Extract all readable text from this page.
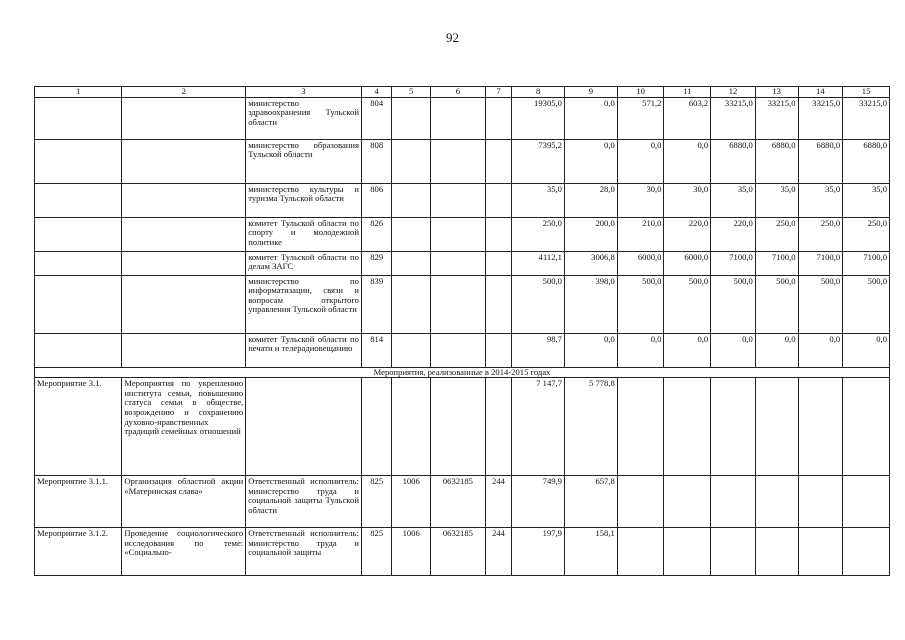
92
1	2	3	4	5	6	7	8	9	10	11	12	13	14	15
		министерство здравоохранения Тульской области	804				19305,0	0,0	571,2	603,2	33215,0	33215,0	33215,0	33215,0
		министерство образования Тульской области	808				7395,2	0,0	0,0	0,0	6880,0	6880,0	6880,0	6880,0
		министерство культуры и туризма Тульской области	806				35,0	28,0	30,0	30,0	35,0	35,0	35,0	35,0
		комитет Тульской области по спорту и молодежной политике	826				250,0	200,0	210,0	220,0	220,0	250,0	250,0	250,0
		комитет Тульской области по делам ЗАГС	829				4112,1	3006,8	6000,0	6000,0	7100,0	7100,0	7100,0	7100,0
		министерство по информатизации, связи и вопросам открытого управления Тульской области	839				500,0	398,0	500,0	500,0	500,0	500,0	500,0	500,0
		комитет Тульской области по печати и телерадиовещанию	814				98,7	0,0	0,0	0,0	0,0	0,0	0,0	0,0
Мероприятия, реализованные в 2014-2015 годах														
Мероприятие 3.1.	Мероприятия по укреплению института семьи, повышению статуса семьи в обществе, возрождению и сохранению духовно-нравственных традиций семейных отношений						7 147,7	5 778,8						
Мероприятие 3.1.1.	Организация областной акции «Материнская слава»	Ответственный исполнитель: министерство труда и социальной защиты Тульской области	825	1006	0632185	244	749,9	657,8						
Мероприятие 3.1.2.	Проведение социологического исследования по теме: «Социально-	Ответственный исполнитель: министерство труда и социальной защиты	825	1006	0632185	244	197,9	158,1						
